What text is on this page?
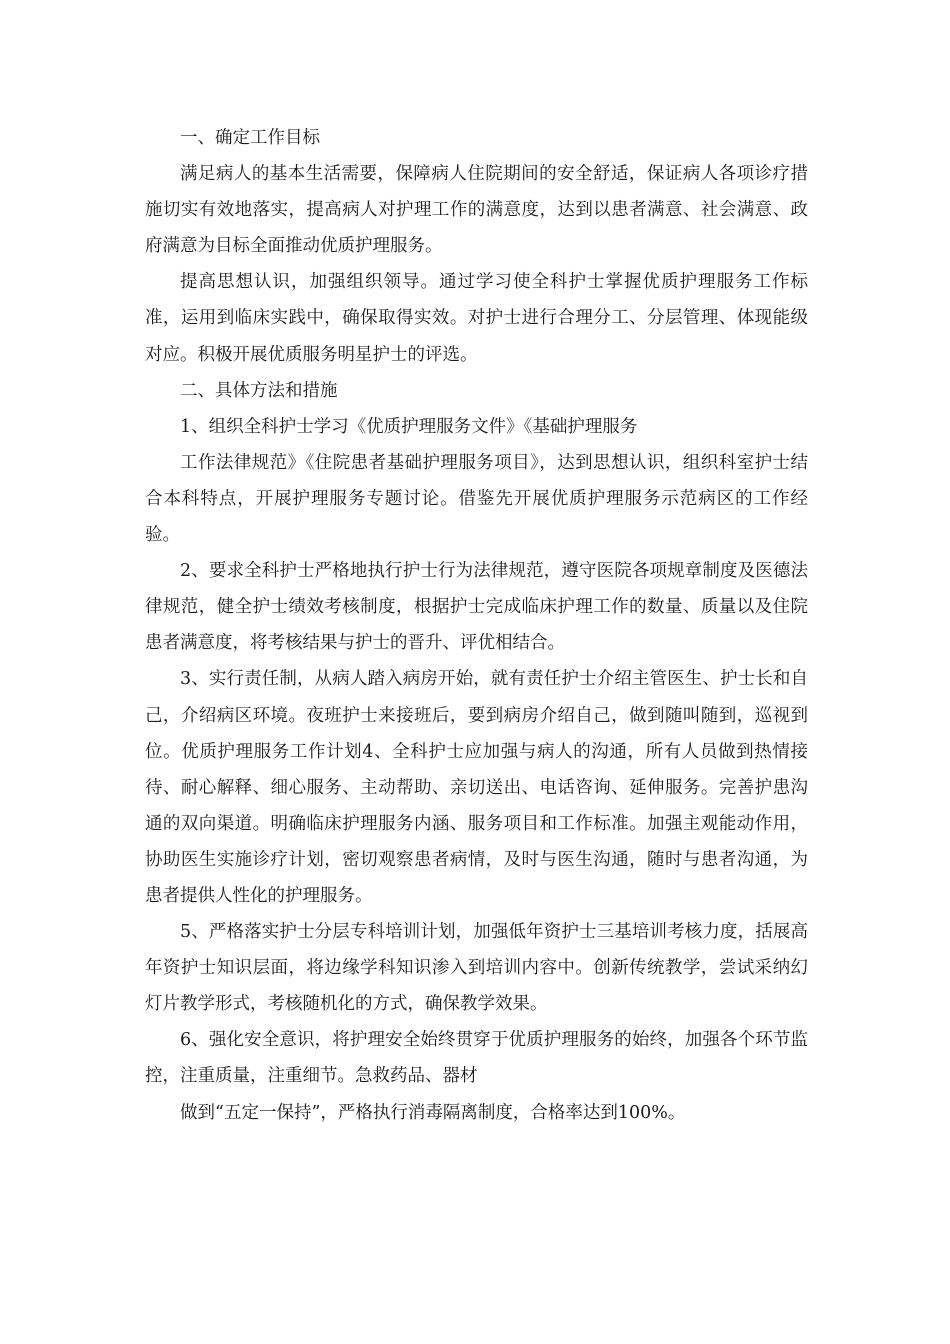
一、确定工作目标

满足病人的基本生活需要，保障病人住院期间的安全舒适，保证病人各项诊疗措施切实有效地落实，提高病人对护理工作的满意度，达到以患者满意、社会满意、政府满意为目标全面推动优质护理服务。

提高思想认识，加强组织领导。通过学习使全科护士掌握优质护理服务工作标准，运用到临床实践中，确保取得实效。对护士进行合理分工、分层管理、体现能级对应。积极开展优质服务明星护士的评选。

二、具体方法和措施

1、组织全科护士学习《优质护理服务文件》《基础护理服务

工作法律规范》《住院患者基础护理服务项目》，达到思想认识，组织科室护士结合本科特点，开展护理服务专题讨论。借鉴先开展优质护理服务示范病区的工作经验。

2、要求全科护士严格地执行护士行为法律规范，遵守医院各项规章制度及医德法律规范，健全护士绩效考核制度，根据护士完成临床护理工作的数量、质量以及住院患者满意度，将考核结果与护士的晋升、评优相结合。

3、实行责任制，从病人踏入病房开始，就有责任护士介绍主管医生、护士长和自己，介绍病区环境。夜班护士来接班后，要到病房介绍自己，做到随叫随到，巡视到位。优质护理服务工作计划4、全科护士应加强与病人的沟通，所有人员做到热情接待、耐心解释、细心服务、主动帮助、亲切送出、电话咨询、延伸服务。完善护患沟通的双向渠道。明确临床护理服务内涵、服务项目和工作标准。加强主观能动作用，协助医生实施诊疗计划，密切观察患者病情，及时与医生沟通，随时与患者沟通，为患者提供人性化的护理服务。

5、严格落实护士分层专科培训计划，加强低年资护士三基培训考核力度，括展高年资护士知识层面，将边缘学科知识渗入到培训内容中。创新传统教学，尝试采纳幻灯片教学形式，考核随机化的方式，确保教学效果。

6、强化安全意识，将护理安全始终贯穿于优质护理服务的始终，加强各个环节监控，注重质量，注重细节。急救药品、器材

做到“五定一保持”，严格执行消毒隔离制度，合格率达到100%。
